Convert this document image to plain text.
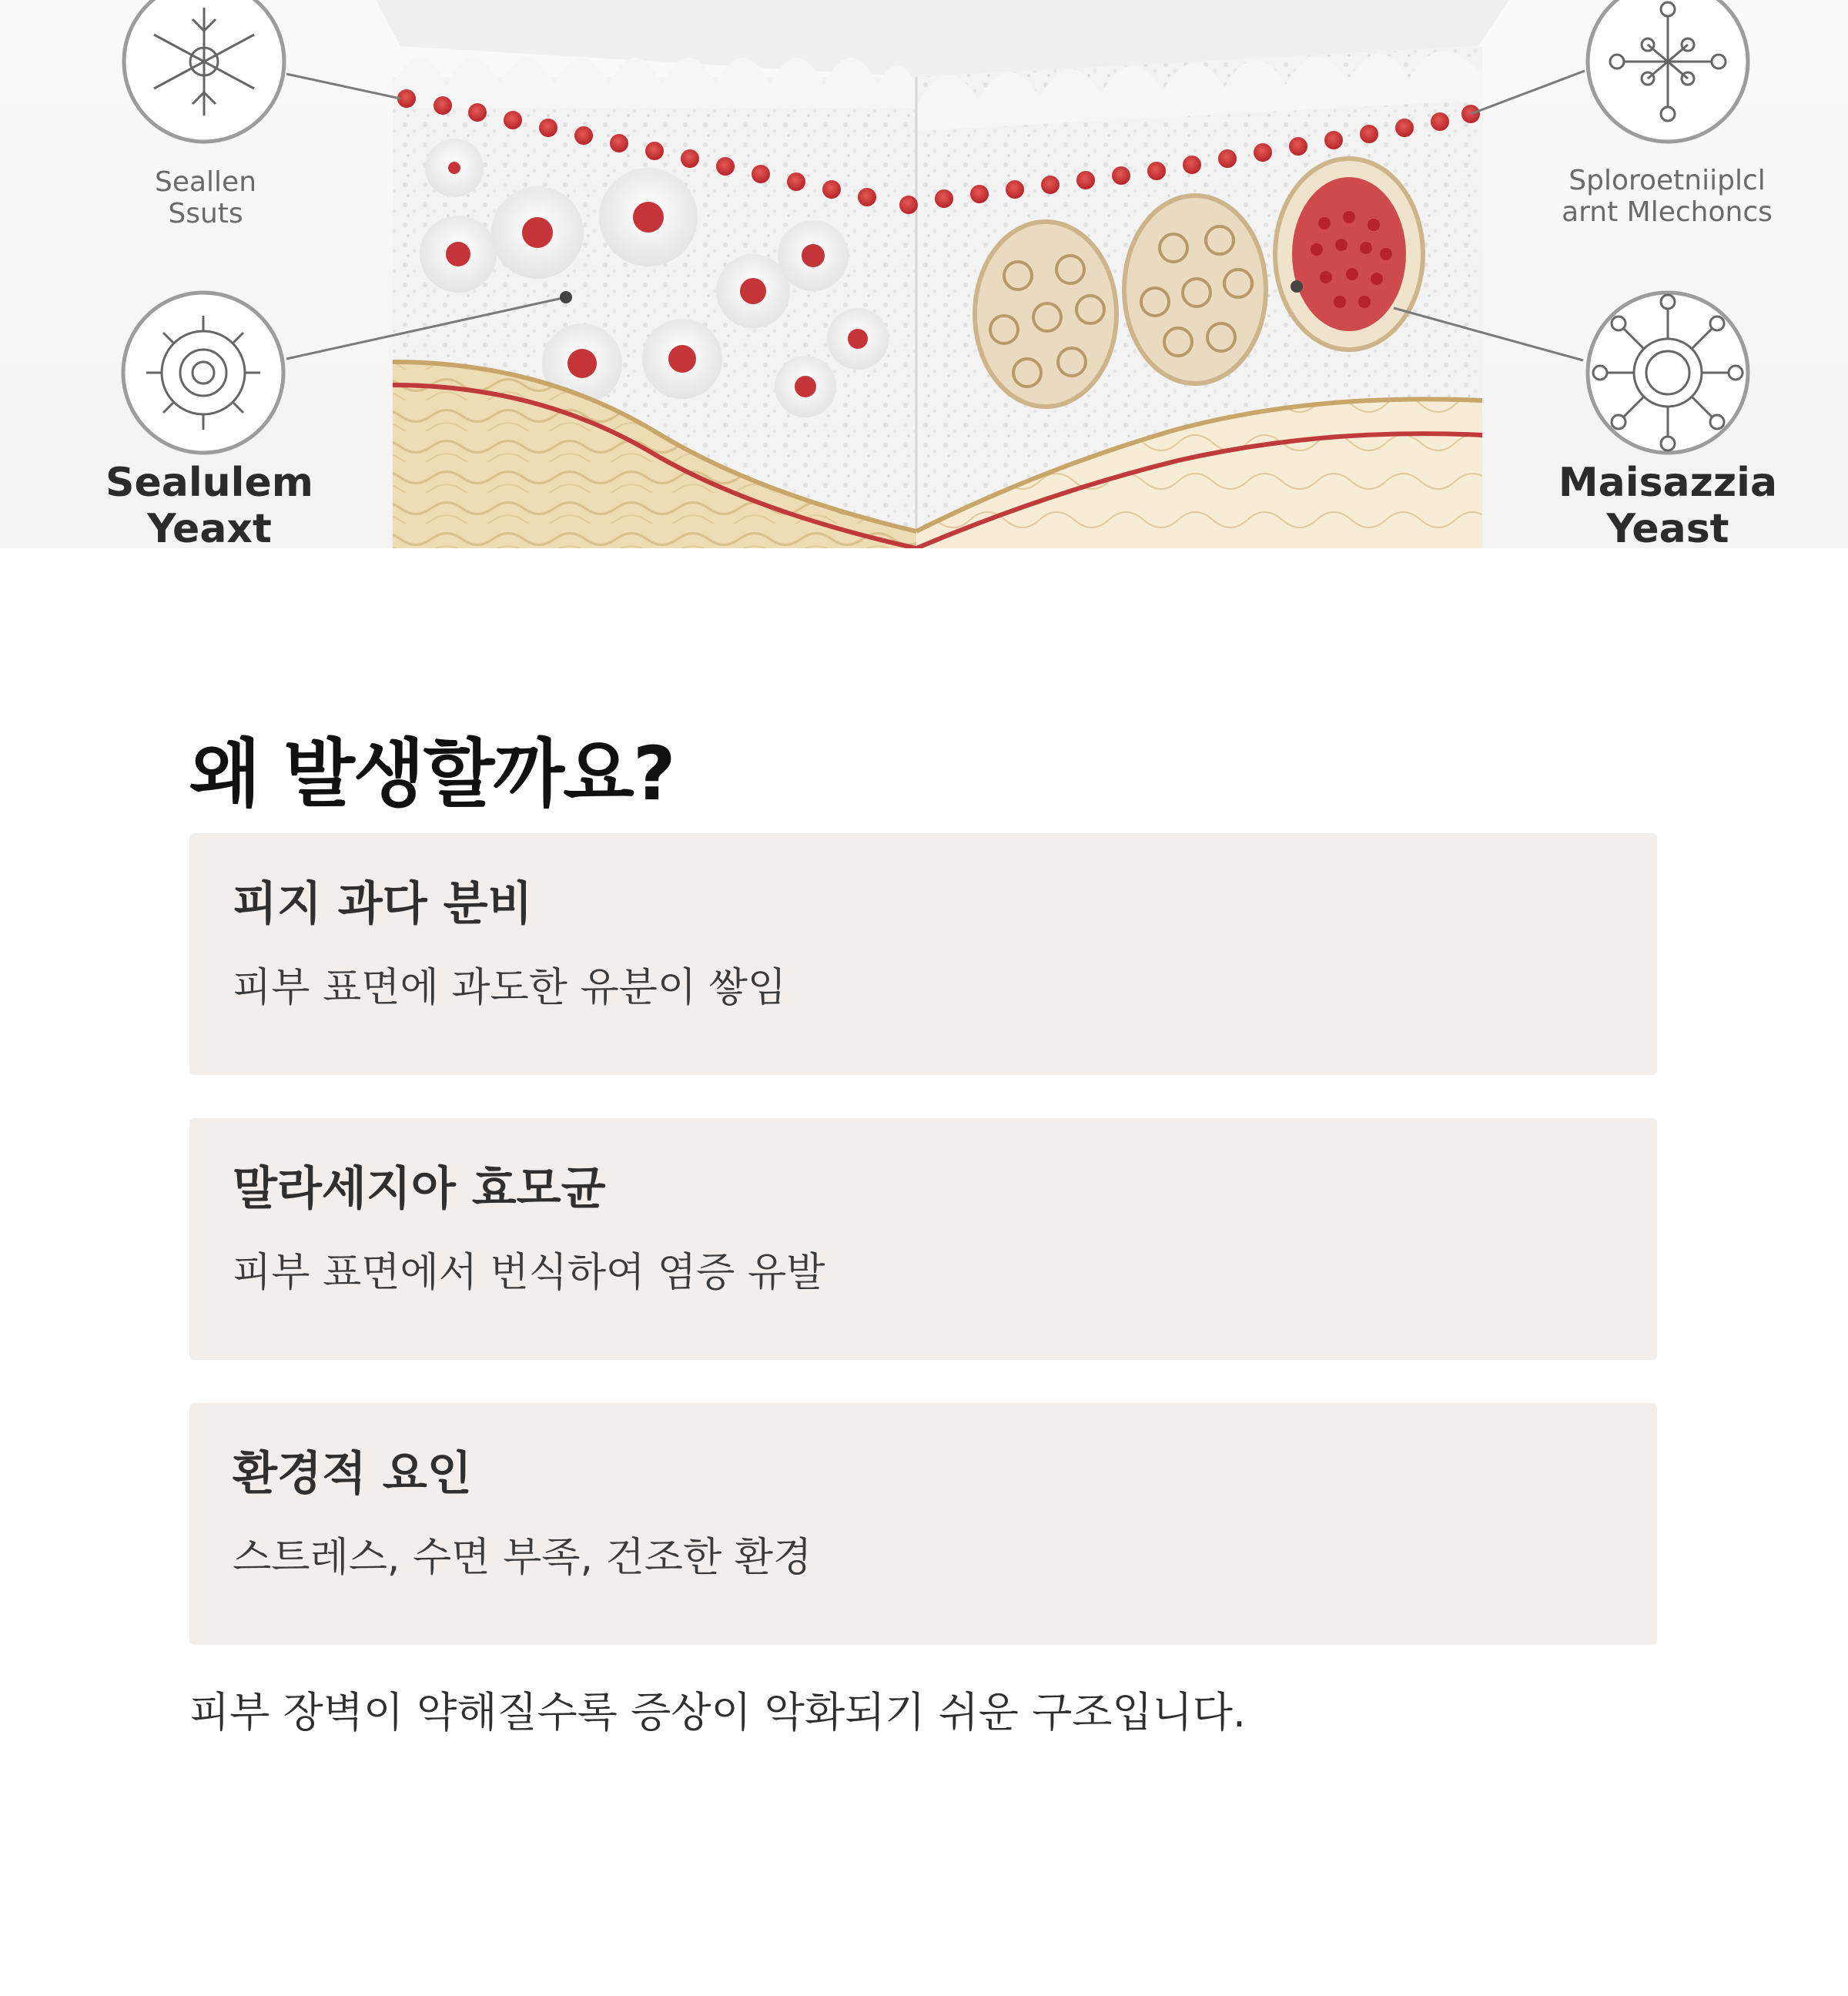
Seallen
Ssuts
Sealulem
Yeaxt
Sploroetniiplcl
arnt Mlechoncs
Maisazzia
Yeast
왜 발생할까요?
피지 과다 분비

피부 표면에 과도한 유분이 쌓임

말라세지아 효모균

피부 표면에서 번식하여 염증 유발

환경적 요인

스트레스, 수면 부족, 건조한 환경

피부 장벽이 약해질수록 증상이 악화되기 쉬운 구조입니다.
